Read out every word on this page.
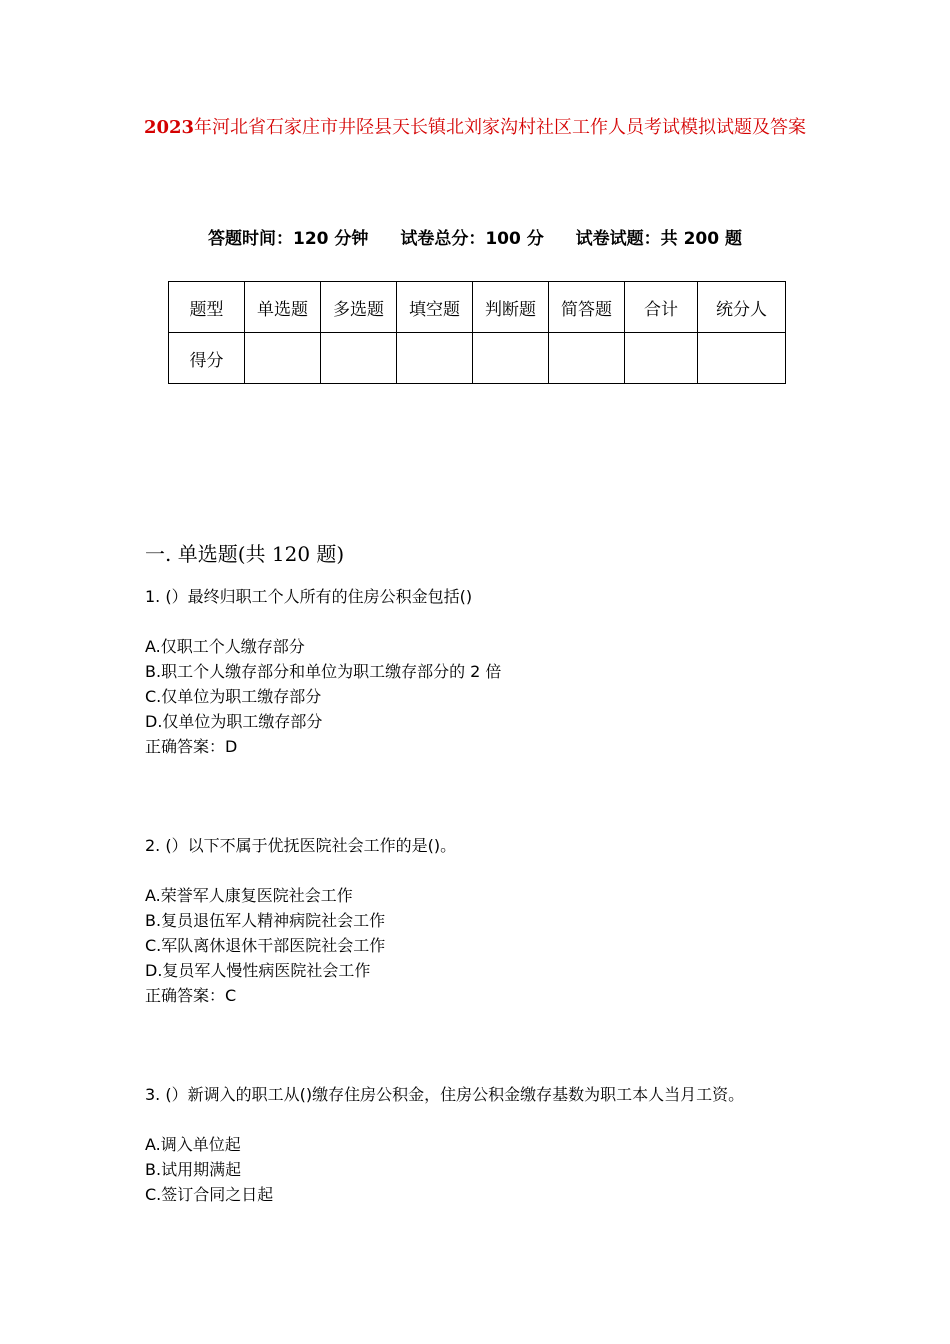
2023年河北省石家庄市井陉县天长镇北刘家沟村社区工作人员考试模拟试题及答案
答题时间：120 分钟 试卷总分：100 分 试卷试题：共 200 题
题型	单选题	多选题	填空题	判断题	简答题	合计	统分人
得分							
一. 单选题(共 120 题)
1. (）最终归职工个人所有的住房公积金包括()
A.仅职工个人缴存部分
B.职工个人缴存部分和单位为职工缴存部分的 2 倍
C.仅单位为职工缴存部分
D.仅单位为职工缴存部分
正确答案：D
2. (）以下不属于优抚医院社会工作的是()。
A.荣誉军人康复医院社会工作
B.复员退伍军人精神病院社会工作
C.军队离休退休干部医院社会工作
D.复员军人慢性病医院社会工作
正确答案：C
3. (）新调入的职工从()缴存住房公积金，住房公积金缴存基数为职工本人当月工资。
A.调入单位起
B.试用期满起
C.签订合同之日起
